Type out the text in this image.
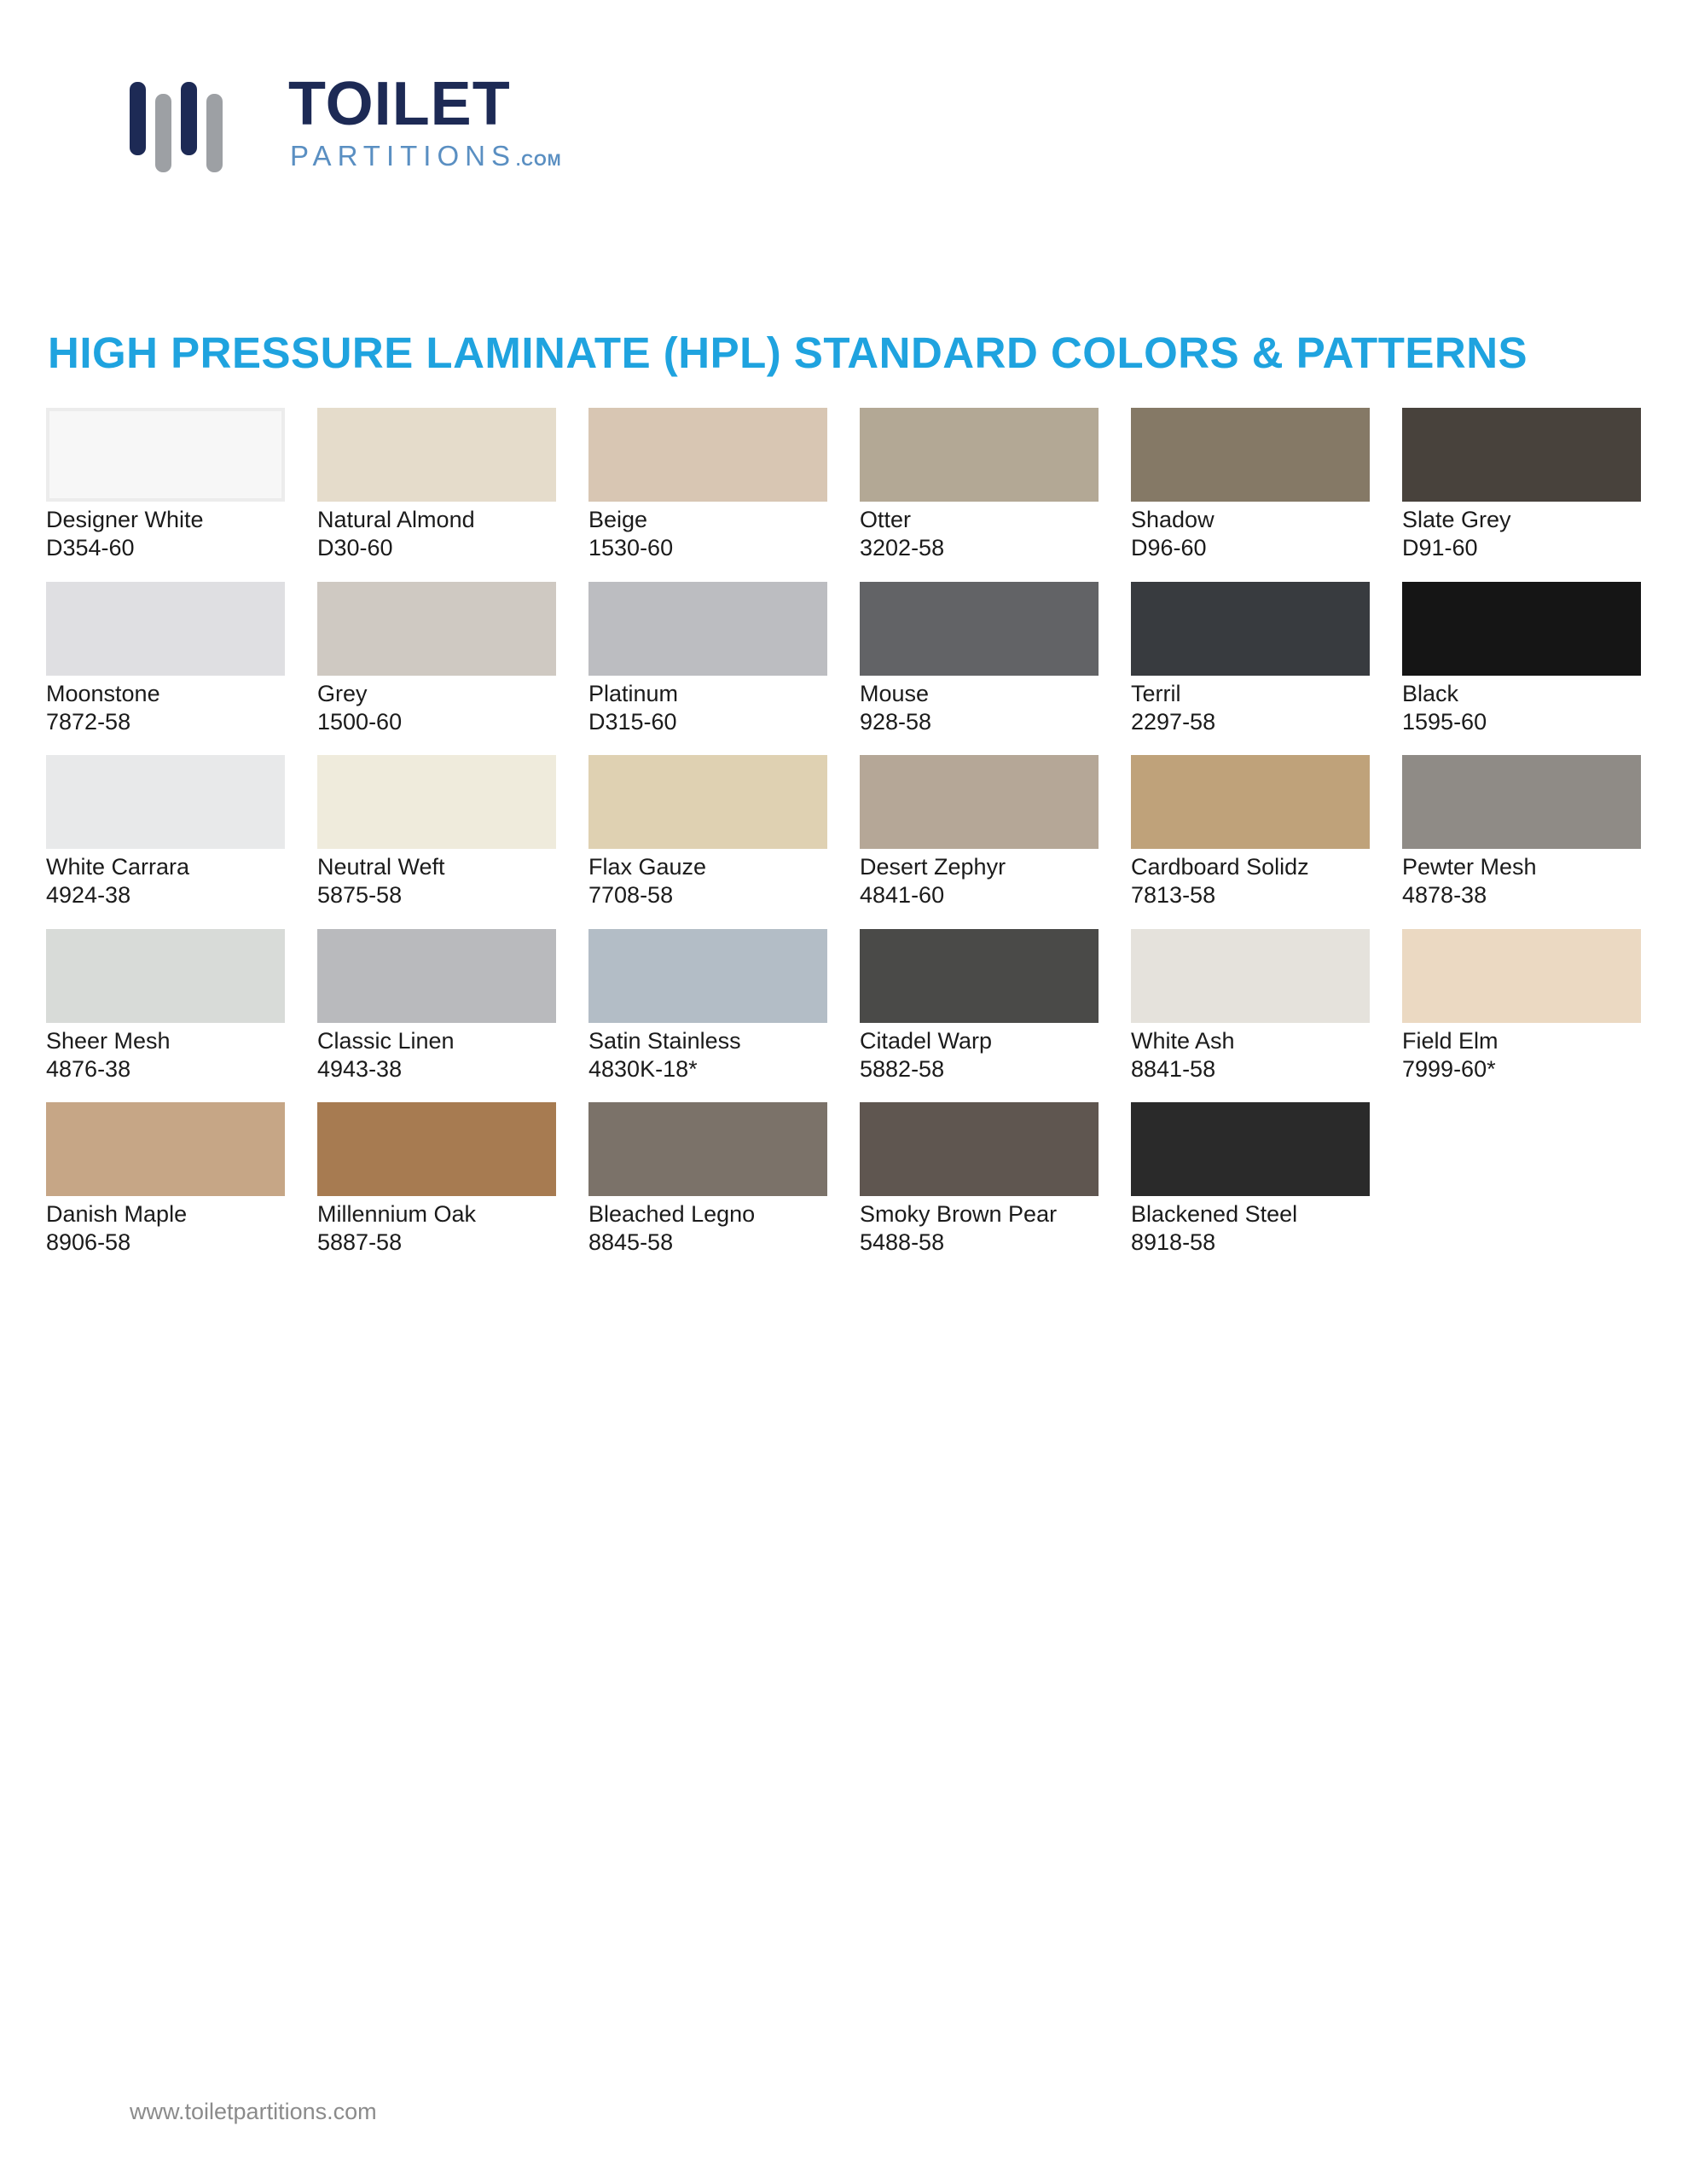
TOILET
PARTITIONS.COM
HIGH PRESSURE LAMINATE (HPL) STANDARD COLORS & PATTERNS
Designer White
D354-60
Natural Almond
D30-60
Beige
1530-60
Otter
3202-58
Shadow
D96-60
Slate Grey
D91-60
Moonstone
7872-58
Grey
1500-60
Platinum
D315-60
Mouse
928-58
Terril
2297-58
Black
1595-60
White Carrara
4924-38
Neutral Weft
5875-58
Flax Gauze
7708-58
Desert Zephyr
4841-60
Cardboard Solidz
7813-58
Pewter Mesh
4878-38
Sheer Mesh
4876-38
Classic Linen
4943-38
Satin Stainless
4830K-18*
Citadel Warp
5882-58
White Ash
8841-58
Field Elm
7999-60*
Danish Maple
8906-58
Millennium Oak
5887-58
Bleached Legno
8845-58
Smoky Brown Pear
5488-58
Blackened Steel
8918-58
www.toiletpartitions.com
